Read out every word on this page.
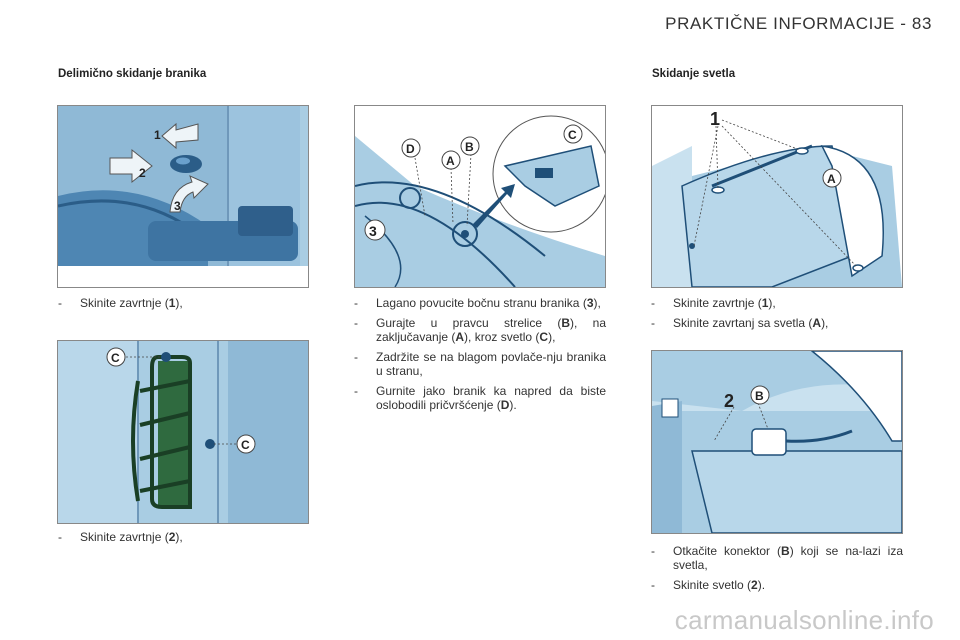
PRAKTIČNE INFORMACIJE - 83
Delimično skidanje branika	Skidanje svetla
1
2
3
D	B
A
C
3
1
A
C
C
2 B
- Skinite zavrtnje (1),
- Skinite zavrtnje (2),
- Lagano povucite bočnu stranu branika (3),
- Gurajte u pravcu strelice (B), na zaključavanje (A), kroz svetlo (C),
- Zadržite se na blagom povlače-nju branika u stranu,
- Gurnite jako branik ka napred da biste oslobodili pričvršćenje (D).
- Skinite zavrtnje (1),
- Skinite zavrtanj sa svetla (A),
- Otkačite konektor (B) koji se na-lazi iza svetla,
- Skinite svetlo (2).
carmanualsonline.info
